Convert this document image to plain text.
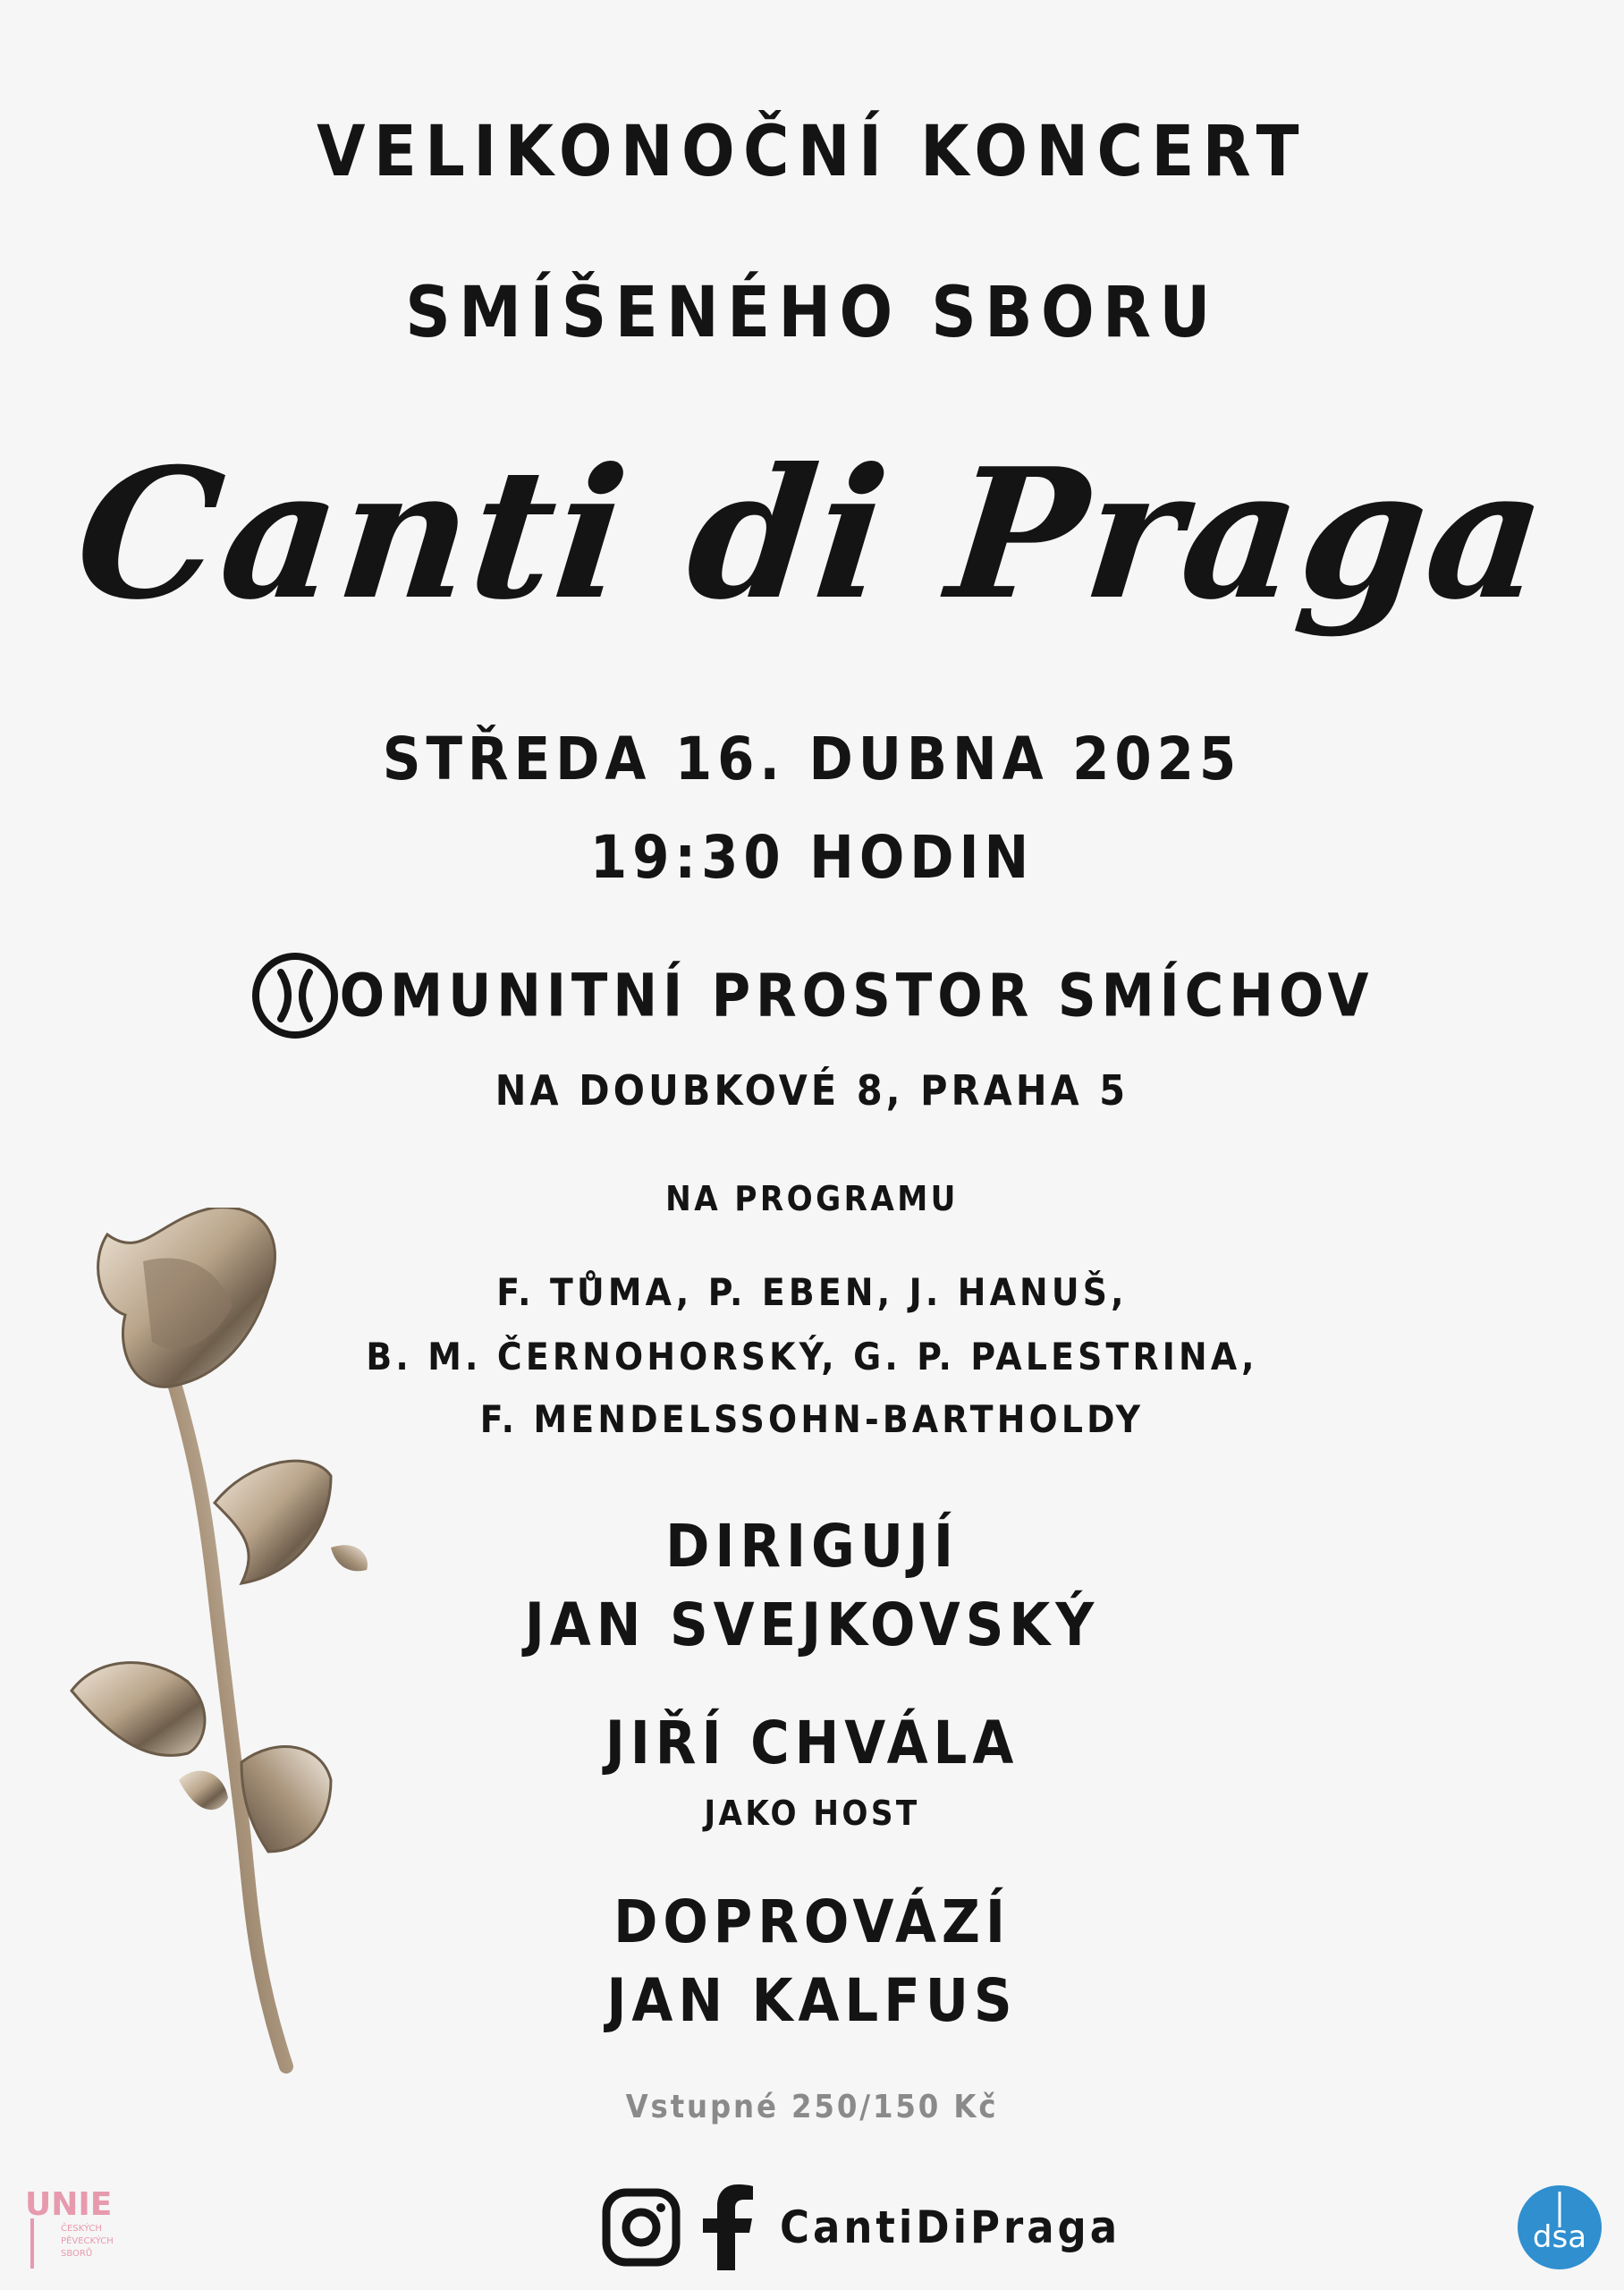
VELIKONOČNÍ KONCERT
SMÍŠENÉHO SBORU
Canti di Praga
STŘEDA 16. DUBNA 2025
19:30 HODIN
OMUNITNÍ PROSTOR SMÍCHOV
NA DOUBKOVÉ 8, PRAHA 5
NA PROGRAMU
F. TŮMA, P. EBEN, J. HANUŠ,
B. M. ČERNOHORSKÝ, G. P. PALESTRINA,
F. MENDELSSOHN-BARTHOLDY
DIRIGUJÍ
JAN SVEJKOVSKÝ
JIŘÍ CHVÁLA
JAKO HOST
DOPROVÁZÍ
JAN KALFUS
Vstupné 250/150 Kč
UNIE
ČESKÝCH
PĚVECKÝCH
SBORŮ
CantiDiPraga	dsa
